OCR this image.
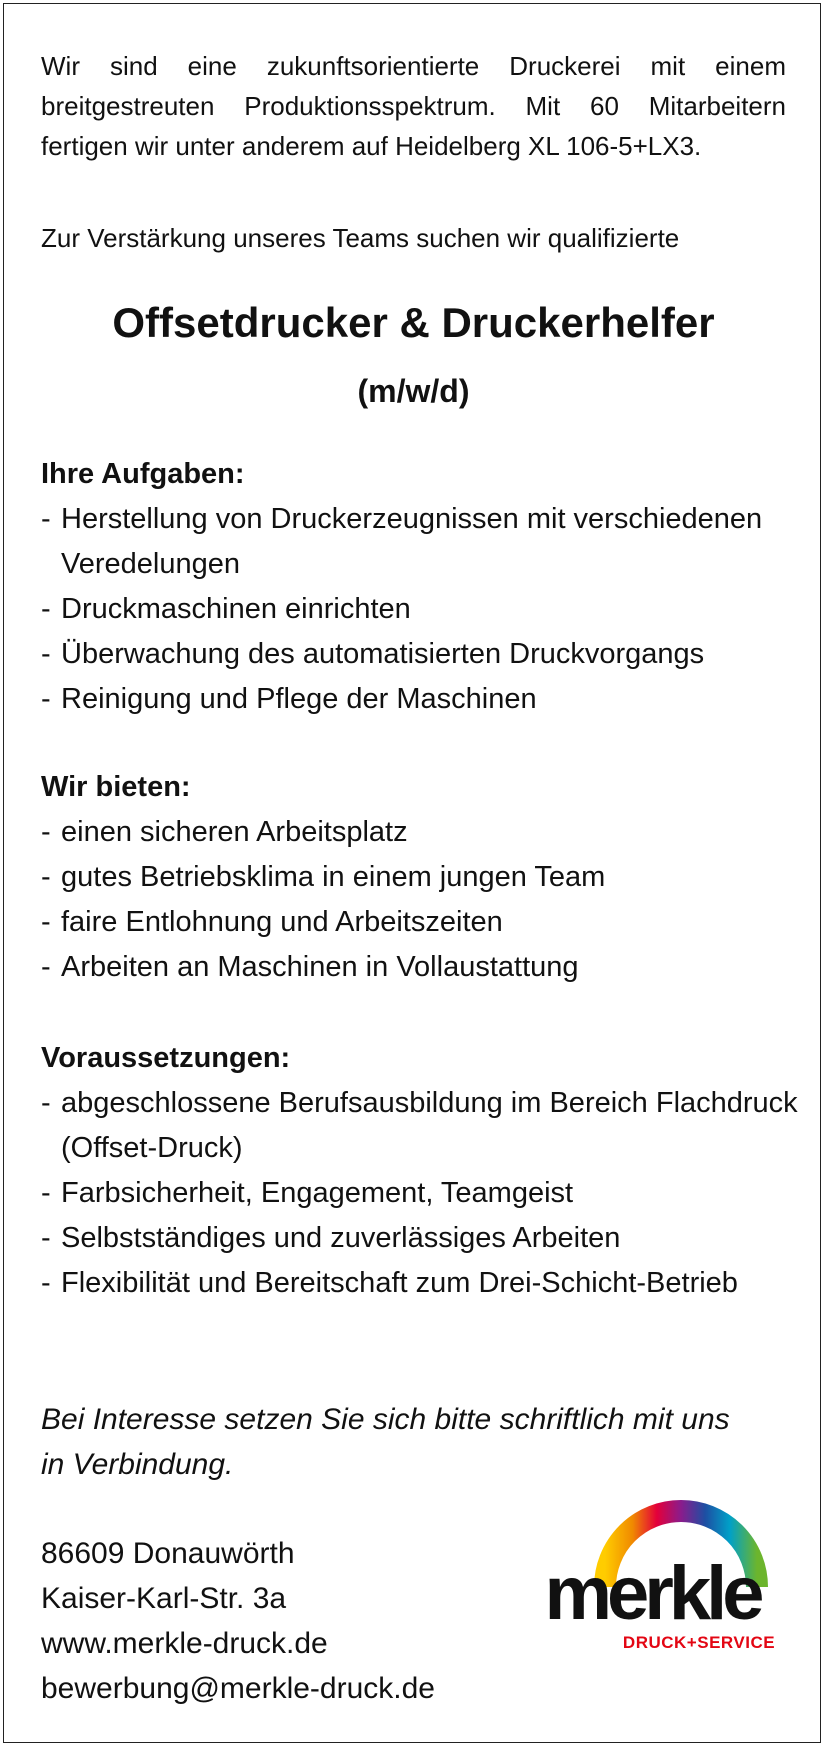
Wir sind eine zukunftsorientierte Druckerei mit einem breitgestreuten Produktionsspektrum. Mit 60 Mitarbeitern fertigen wir unter anderem auf Heidelberg XL 106-5+LX3.
Zur Verstärkung unseres Teams suchen wir qualifizierte
Offsetdrucker & Druckerhelfer
(m/w/d)
Ihre Aufgaben:
- Herstellung von Druckerzeugnissen mit verschiedenen Veredelungen
- Druckmaschinen einrichten
- Überwachung des automatisierten Druckvorgangs
- Reinigung und Pflege der Maschinen
Wir bieten:
- einen sicheren Arbeitsplatz
- gutes Betriebsklima in einem jungen Team
- faire Entlohnung und Arbeitszeiten
- Arbeiten an Maschinen in Vollaustattung
Voraussetzungen:
- abgeschlossene Berufsausbildung im Bereich Flachdruck (Offset-Druck)
- Farbsicherheit, Engagement, Teamgeist
- Selbstständiges und zuverlässiges Arbeiten
- Flexibilität und Bereitschaft zum Drei-Schicht-Betrieb
Bei Interesse setzen Sie sich bitte schriftlich mit uns in Verbindung.
86609 Donauwörth
Kaiser-Karl-Str. 3a
www.merkle-druck.de
bewerbung@merkle-druck.de
merkle
DRUCK+SERVICE
